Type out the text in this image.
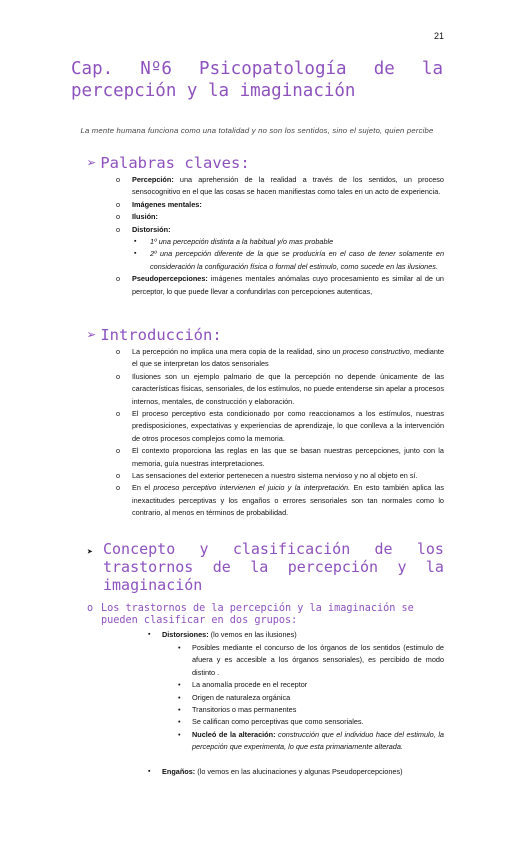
21
Cap. Nº6 Psicopatología de la
percepción y la imaginación
La mente humana funciona como una totalidad y no son los sentidos, sino el sujeto, quien percibe
➢ Palabras claves:
o Percepción: una aprehensión de la realidad a través de los sentidos, un proceso sensocognitivo en el que las cosas se hacen manifiestas como tales en un acto de experiencia.
o Imágenes mentales:
o Ilusión:
o Distorsión:
▪ 1º una percepción distinta a la habitual y/o mas probable
▪ 2º una percepción diferente de la que se produciría en el caso de tener solamente en consideración la configuración física o formal del estimulo, como sucede en las ilusiones.
o Pseudopercepciones: imágenes mentales anómalas cuyo procesamiento es similar al de un perceptor, lo que puede llevar a confundirlas con percepciones autenticas,
➢ Introducción:
o La percepción no implica una mera copia de la realidad, sino un proceso constructivo, mediante el que se interpretan los datos sensoriales
o Ilusiones son un ejemplo palmario de que la percepción no depende únicamente de las características físicas, sensoriales, de los estímulos, no puede entenderse sin apelar a procesos internos, mentales, de construcción y elaboración.
o El proceso perceptivo esta condicionado por como reaccionamos a los estímulos, nuestras predisposiciones, expectativas y experiencias de aprendizaje, lo que conlleva a la intervención de otros procesos complejos como la memoria.
o El contexto proporciona las reglas en las que se basan nuestras percepciones, junto con la memoria, guía nuestras interpretaciones.
o Las sensaciones del exterior pertenecen a nuestro sistema nervioso y no al objeto en sí.
o En el proceso perceptivo intervienen el juicio y la interpretación. En esto también aplica las inexactitudes perceptivas y los engaños o errores sensoriales son tan normales como lo contrario, al menos en términos de probabilidad.
➤ Concepto y clasificación de los
trastornos de la percepción y la
imaginación
o Los trastornos de la percepción y la imaginación se pueden clasificar en dos grupos:
▪ Distorsiones: (lo vemos en las ilusiones)
• Posibles mediante el concurso de los órganos de los sentidos (estimulo de afuera y es accesible a los órganos sensoriales), es percibido de modo distinto .
• La anomalía procede en el receptor
• Origen de naturaleza orgánica
• Transitorios o mas permanentes
• Se califican como perceptivas que como sensoriales.
• Nucleó de la alteración: construcción que el individuo hace del estimulo, la percepción que experimenta, lo que esta primariamente alterada.
▪ Engaños: (lo vemos en las alucinaciones y algunas Pseudopercepciones)
